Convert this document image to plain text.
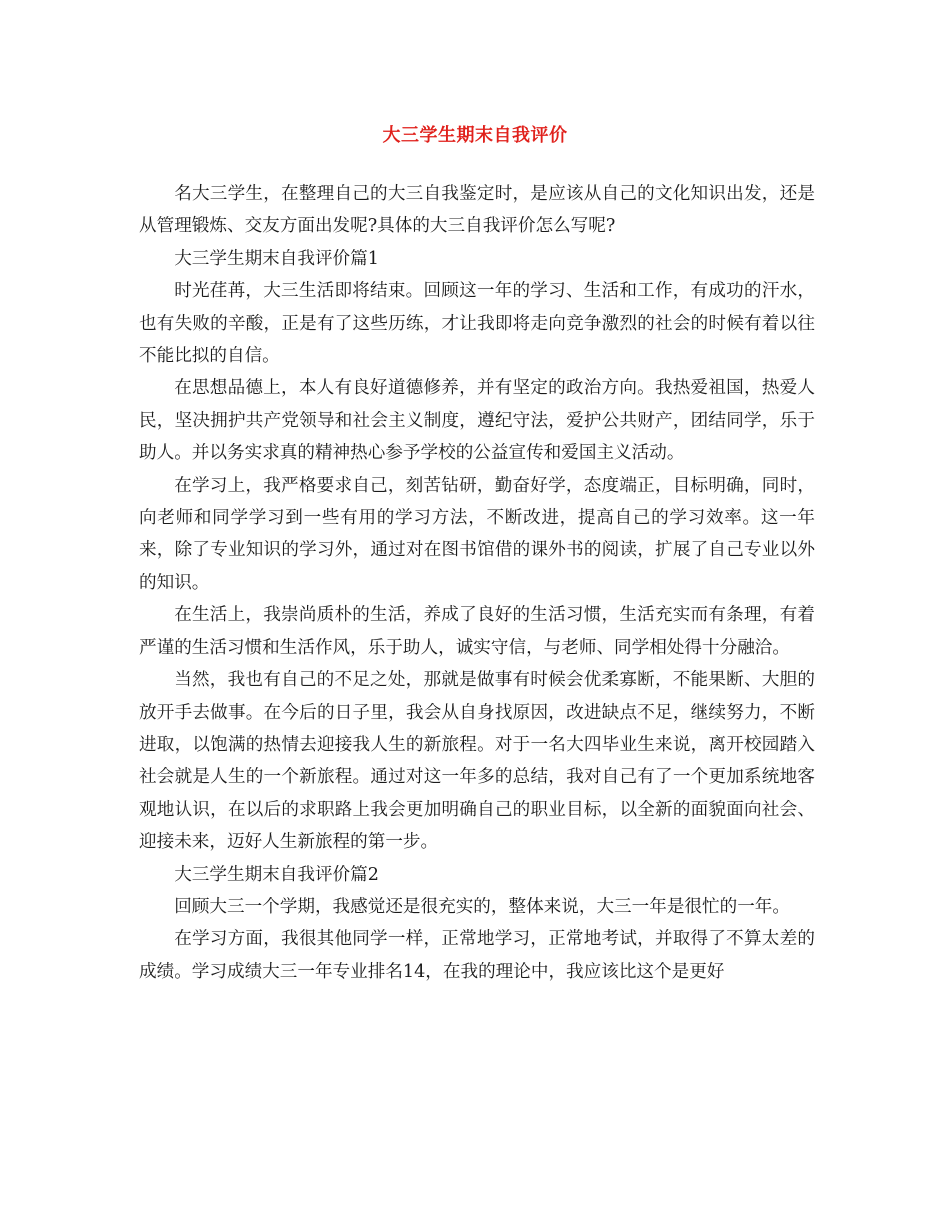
大三学生期末自我评价

名大三学生，在整理自己的大三自我鉴定时，是应该从自己的文化知识出发，还是从管理锻炼、交友方面出发呢?具体的大三自我评价怎么写呢?

大三学生期末自我评价篇1

时光荏苒，大三生活即将结束。回顾这一年的学习、生活和工作，有成功的汗水，也有失败的辛酸，正是有了这些历练，才让我即将走向竞争激烈的社会的时候有着以往不能比拟的自信。

在思想品德上，本人有良好道德修养，并有坚定的政治方向。我热爱祖国，热爱人民，坚决拥护共产党领导和社会主义制度，遵纪守法，爱护公共财产，团结同学，乐于助人。并以务实求真的精神热心参予学校的公益宣传和爱国主义活动。

在学习上，我严格要求自己，刻苦钻研，勤奋好学，态度端正，目标明确，同时，向老师和同学学习到一些有用的学习方法，不断改进，提高自己的学习效率。这一年来，除了专业知识的学习外，通过对在图书馆借的课外书的阅读，扩展了自己专业以外的知识。

在生活上，我崇尚质朴的生活，养成了良好的生活习惯，生活充实而有条理，有着严谨的生活习惯和生活作风，乐于助人，诚实守信，与老师、同学相处得十分融洽。

当然，我也有自己的不足之处，那就是做事有时候会优柔寡断，不能果断、大胆的放开手去做事。在今后的日子里，我会从自身找原因，改进缺点不足，继续努力，不断进取，以饱满的热情去迎接我人生的新旅程。对于一名大四毕业生来说，离开校园踏入社会就是人生的一个新旅程。通过对这一年多的总结，我对自己有了一个更加系统地客观地认识，在以后的求职路上我会更加明确自己的职业目标，以全新的面貌面向社会、迎接未来，迈好人生新旅程的第一步。

大三学生期末自我评价篇2

回顾大三一个学期，我感觉还是很充实的，整体来说，大三一年是很忙的一年。

在学习方面，我很其他同学一样，正常地学习，正常地考试，并取得了不算太差的成绩。学习成绩大三一年专业排名14，在我的理论中，我应该比这个是更好
